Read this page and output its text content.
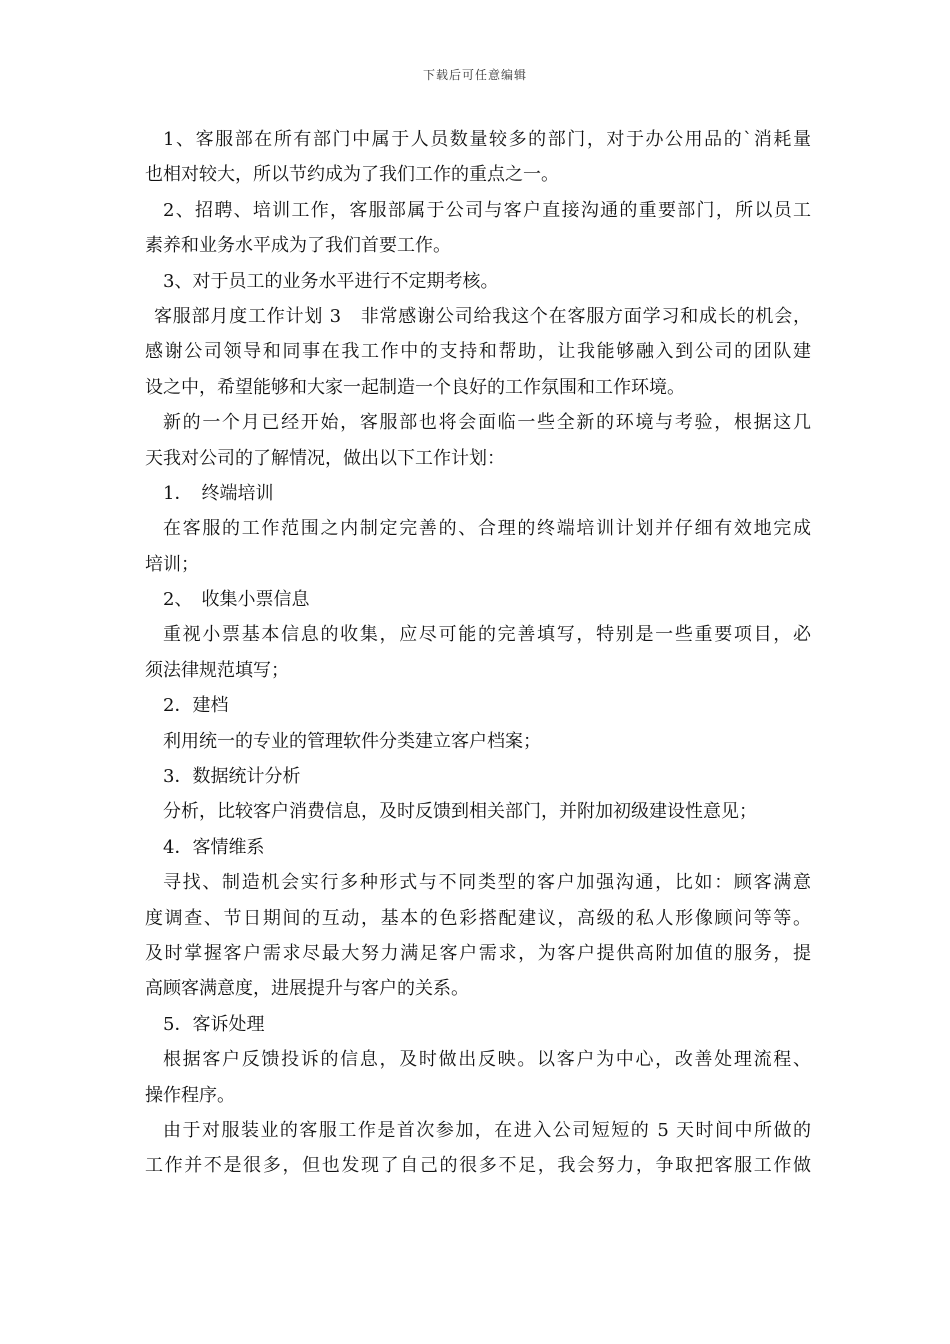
下载后可任意编辑
1、客服部在所有部门中属于人员数量较多的部门，对于办公用品的`消耗量
也相对较大，所以节约成为了我们工作的重点之一。
2、招聘、培训工作，客服部属于公司与客户直接沟通的重要部门，所以员工
素养和业务水平成为了我们首要工作。
3、对于员工的业务水平进行不定期考核。
客服部月度工作计划 3　非常感谢公司给我这个在客服方面学习和成长的机会，
感谢公司领导和同事在我工作中的支持和帮助，让我能够融入到公司的团队建
设之中，希望能够和大家一起制造一个良好的工作氛围和工作环境。
新的一个月已经开始，客服部也将会面临一些全新的环境与考验，根据这几
天我对公司的了解情况，做出以下工作计划：
1．　终端培训
在客服的工作范围之内制定完善的、合理的终端培训计划并仔细有效地完成
培训；
2、　收集小票信息
重视小票基本信息的收集，应尽可能的完善填写，特别是一些重要项目，必
须法律规范填写；
2．建档
利用统一的专业的管理软件分类建立客户档案；
3．数据统计分析
分析，比较客户消费信息，及时反馈到相关部门，并附加初级建设性意见；
4．客情维系
寻找、制造机会实行多种形式与不同类型的客户加强沟通，比如：顾客满意
度调查、节日期间的互动，基本的色彩搭配建议，高级的私人形像顾问等等。
及时掌握客户需求尽最大努力满足客户需求，为客户提供高附加值的服务，提
高顾客满意度，进展提升与客户的关系。
5．客诉处理
根据客户反馈投诉的信息，及时做出反映。以客户为中心，改善处理流程、
操作程序。
由于对服装业的客服工作是首次参加，在进入公司短短的 5 天时间中所做的
工作并不是很多，但也发现了自己的很多不足，我会努力，争取把客服工作做
